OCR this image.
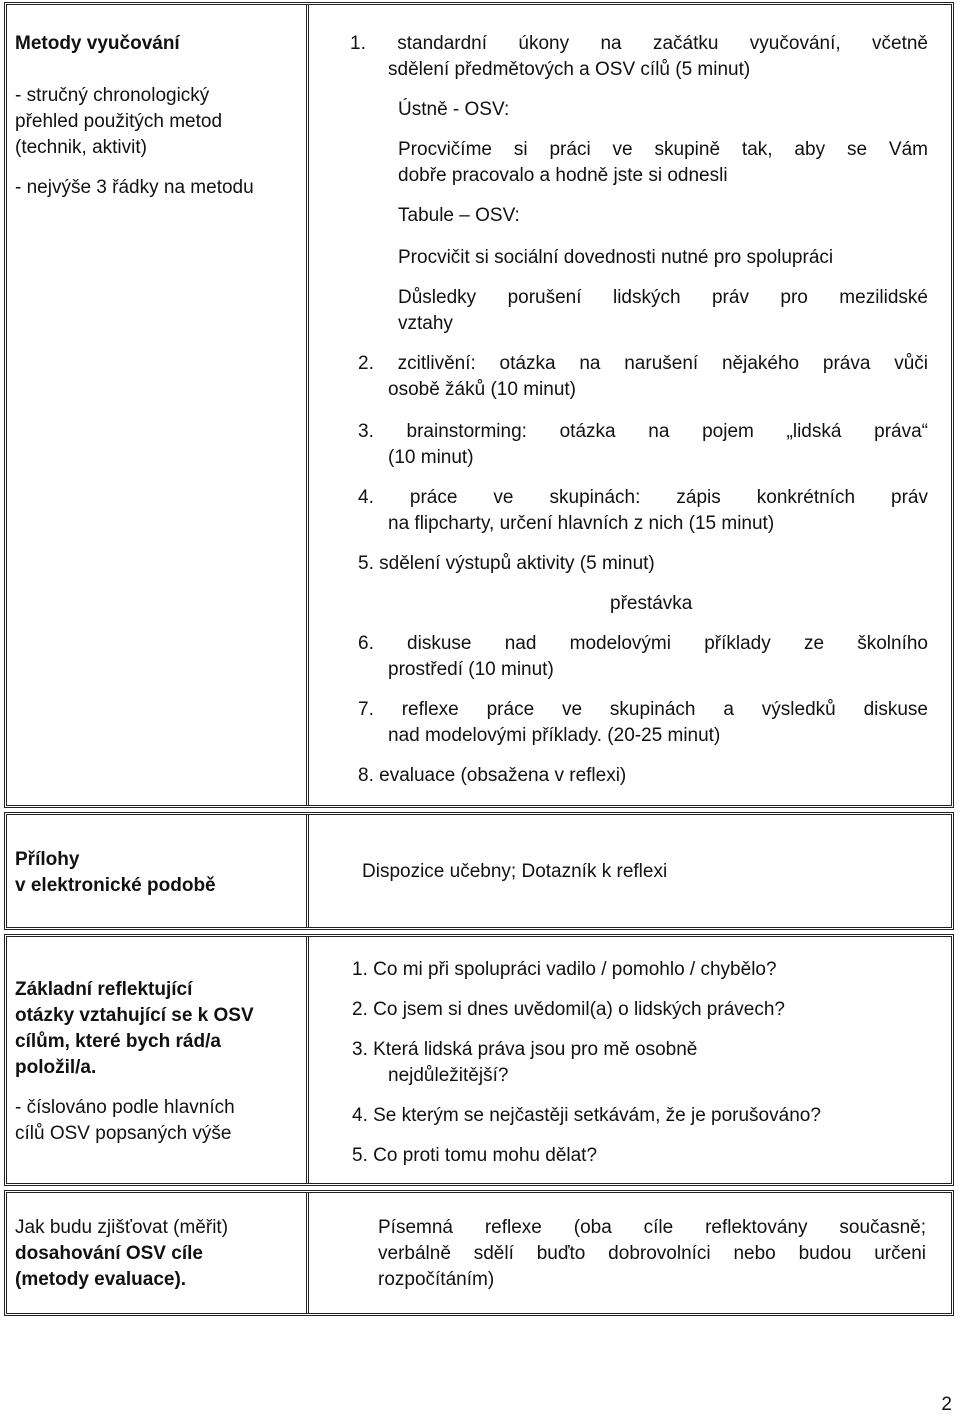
Metody vyučování
- stručný chronologický
přehled použitých metod
(technik, aktivit)
- nejvýše 3 řádky na metodu
1. standardní úkony na začátku vyučování, včetně
sdělení předmětových a OSV cílů (5 minut)
Ústně - OSV:
Procvičíme si práci ve skupině tak, aby se Vám
dobře pracovalo a hodně jste si odnesli
Tabule – OSV:
Procvičit si sociální dovednosti nutné pro spolupráci
Důsledky porušení lidských práv pro mezilidské
vztahy
2. zcitlivění: otázka na narušení nějakého práva vůči
osobě žáků (10 minut)
3. brainstorming: otázka na pojem „lidská práva“
(10 minut)
4. práce ve skupinách: zápis konkrétních práv
na flipcharty, určení hlavních z nich (15 minut)
5. sdělení výstupů aktivity (5 minut)
přestávka
6. diskuse nad modelovými příklady ze školního
prostředí (10 minut)
7. reflexe práce ve skupinách a výsledků diskuse
nad modelovými příklady. (20-25 minut)
8. evaluace (obsažena v reflexi)
Přílohy
v elektronické podobě
Dispozice učebny; Dotazník k reflexi
Základní reflektující
otázky vztahující se k OSV
cílům, které bych rád/a
položil/a.
- číslováno podle hlavních
cílů OSV popsaných výše
1. Co mi při spolupráci vadilo / pomohlo / chybělo?
2. Co jsem si dnes uvědomil(a) o lidských právech?
3. Která lidská práva jsou pro mě osobně
nejdůležitější?
4. Se kterým se nejčastěji setkávám, že je porušováno?
5. Co proti tomu mohu dělat?
Jak budu zjišťovat (měřit)
dosahování OSV cíle
(metody evaluace).
Písemná reflexe (oba cíle reflektovány současně;
verbálně sdělí buďto dobrovolníci nebo budou určeni
rozpočítáním)
2
